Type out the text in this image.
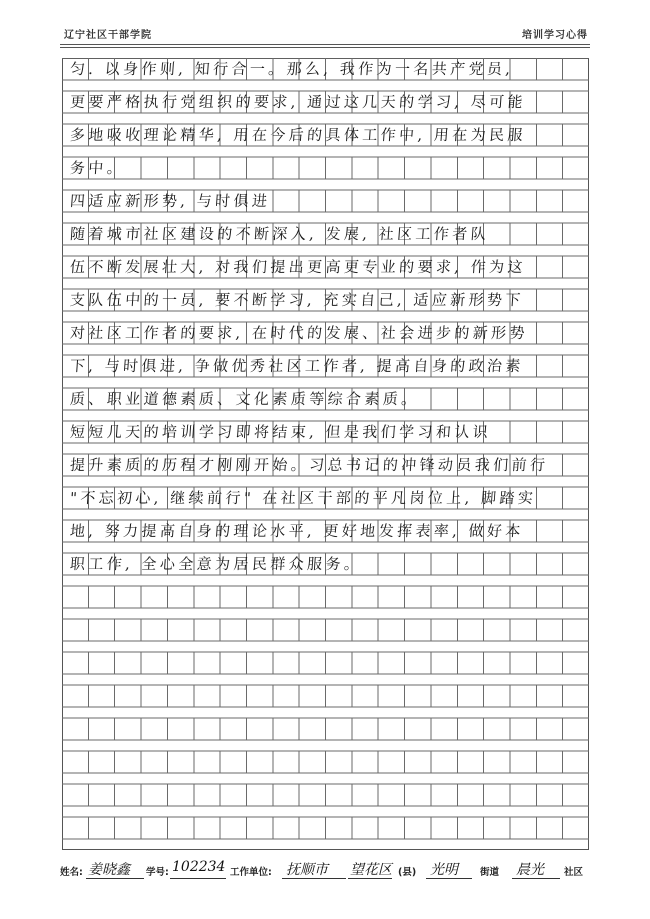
辽宁社区干部学院	培训学习心得
匀. 以身作则, 知行合一。那么, 我作为一名共产党员,
更要严格执行党组织的要求, 通过这几天的学习, 尽可能
多地吸收理论精华, 用在今后的具体工作中, 用在为民服
务中。
四适应新形势, 与时俱进
随着城市社区建设的不断深入, 发展, 社区工作者队
伍不断发展壮大, 对我们提出更高更专业的要求, 作为这
支队伍中的一员, 要不断学习, 充实自己, 适应新形势下
对社区工作者的要求, 在时代的发展、社会进步的新形势
下, 与时俱进, 争做优秀社区工作者, 提高自身的政治素
质、职业道德素质、文化素质等综合素质。
短短几天的培训学习即将结束, 但是我们学习和认识
提升素质的历程才刚刚开始。习总书记的冲锋动员我们前行
"不忘初心, 继续前行" 在社区干部的平凡岗位上, 脚踏实
地, 努力提高自身的理论水平, 更好地发挥表率, 做好本
职工作, 全心全意为居民群众服务。
姓名: 姜晓鑫 学号: 102234 工作单位: 抚顺市 望花区 (县) 光明 街道 晨光 社区
